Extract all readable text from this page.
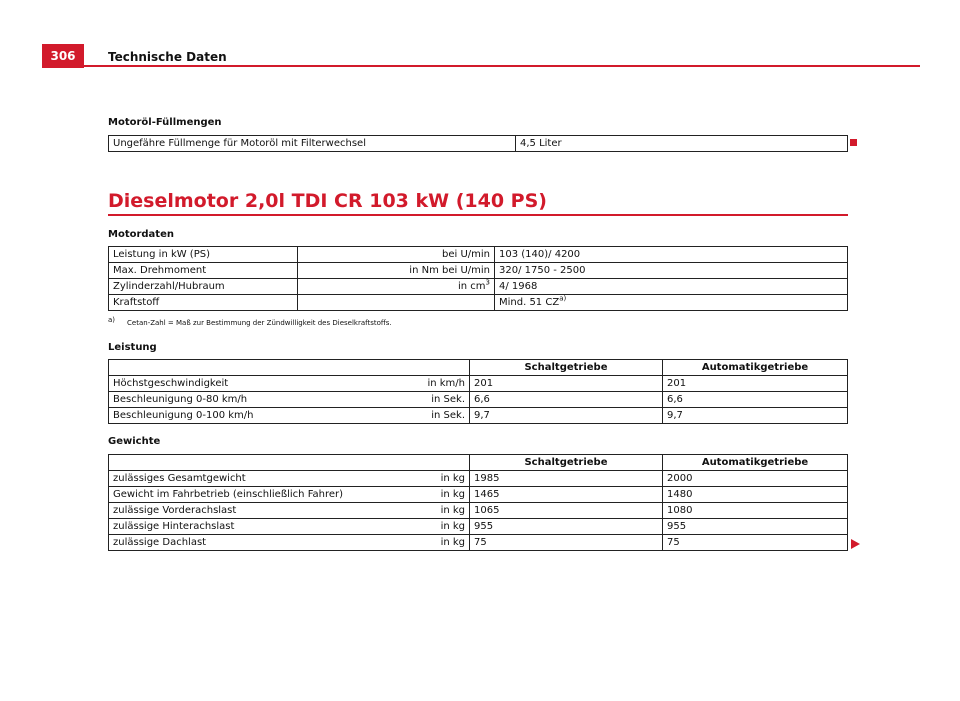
306	Technische Daten
Motoröl-Füllmengen
Ungefähre Füllmenge für Motoröl mit Filterwechsel	4,5 Liter
Dieselmotor 2,0l TDI CR 103 kW (140 PS)
Motordaten
Leistung in kW (PS)	bei U/min	103 (140)/ 4200
Max. Drehmoment	in Nm bei U/min	320/ 1750 - 2500
Zylinderzahl/Hubraum	in $cm^3$	4/ 1968
Kraftstoff		Mind. 51 CZ$^{a)}$
a) Cetan-Zahl = Maß zur Bestimmung der Zündwilligkeit des Dieselkraftstoffs.
Leistung
		Schaltgetriebe	Automatikgetriebe
Höchstgeschwindigkeit	in km/h	201	201
Beschleunigung 0-80 km/h	in Sek.	6,6	6,6
Beschleunigung 0-100 km/h	in Sek.	9,7	9,7
Gewichte
		Schaltgetriebe	Automatikgetriebe
zulässiges Gesamtgewicht	in kg	1985	2000
Gewicht im Fahrbetrieb (einschließlich Fahrer)	in kg	1465	1480
zulässige Vorderachslast	in kg	1065	1080
zulässige Hinterachslast	in kg	955	955
zulässige Dachlast	in kg	75	75
